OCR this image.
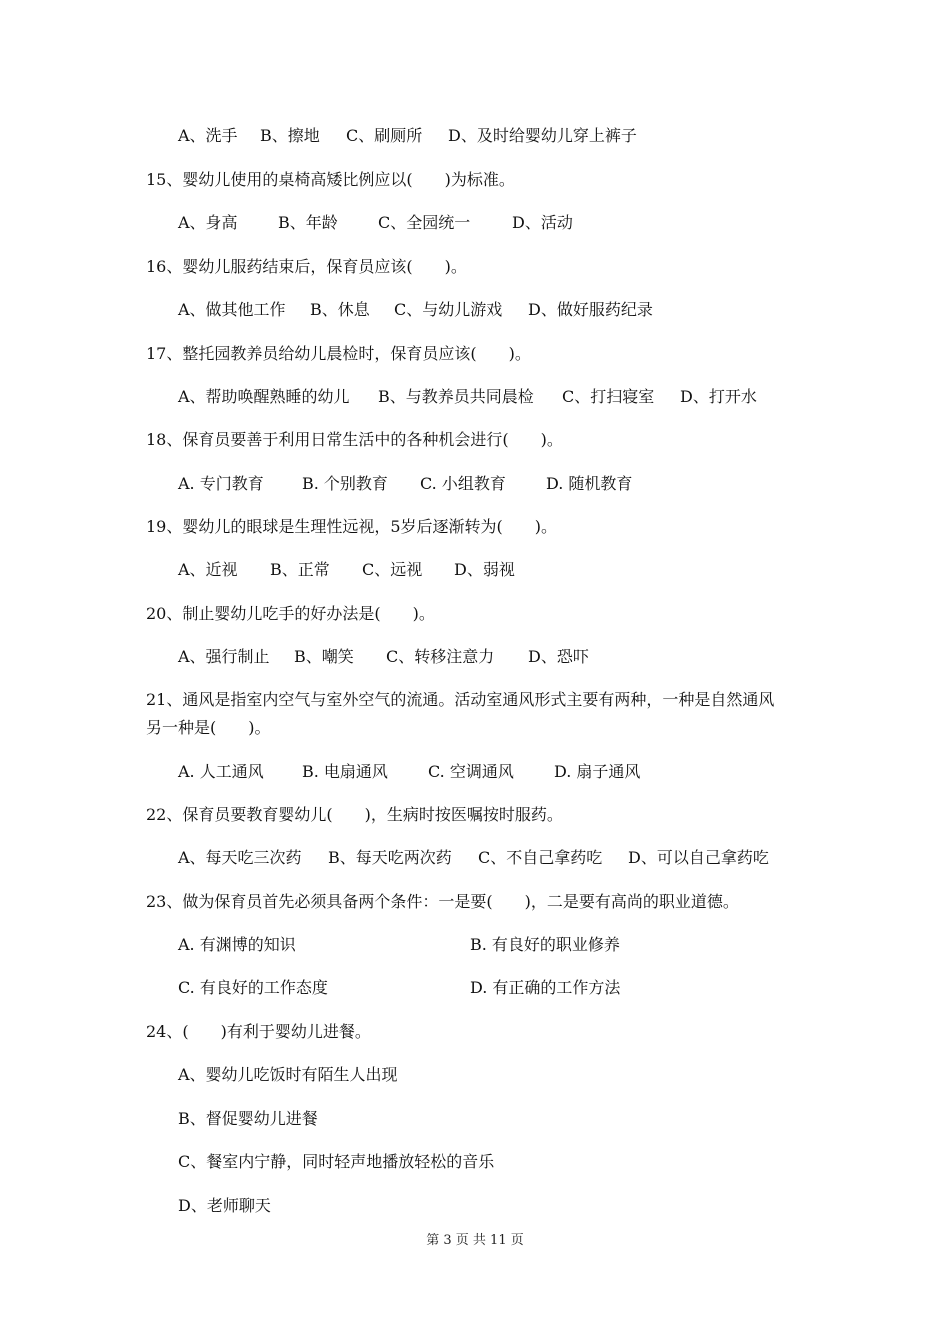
A、洗手 B、擦地 C、刷厕所 D、及时给婴幼儿穿上裤子
15、婴幼儿使用的桌椅高矮比例应以(　　)为标准。
A、身高	B、年龄	C、全园统一	D、活动
16、婴幼儿服药结束后，保育员应该(　　)。
A、做其他工作 B、休息 C、与幼儿游戏 D、做好服药纪录
17、整托园教养员给幼儿晨检时，保育员应该(　　)。
A、帮助唤醒熟睡的幼儿 B、与教养员共同晨检 C、打扫寝室 D、打开水
18、保育员要善于利用日常生活中的各种机会进行(　　)。
A. 专门教育 B. 个别教育 C. 小组教育	D. 随机教育
19、婴幼儿的眼球是生理性远视，5岁后逐渐转为(　　)。
A、近视 B、正常 C、远视 D、弱视
20、制止婴幼儿吃手的好办法是(　　)。
A、强行制止 B、嘲笑 C、转移注意力 D、恐吓
21、通风是指室内空气与室外空气的流通。活动室通风形式主要有两种，一种是自然通风
另一种是(　　)。
A. 人工通风 B. 电扇通风	C. 空调通风	D. 扇子通风
22、保育员要教育婴幼儿(　　)，生病时按医嘱按时服药。
A、每天吃三次药 B、每天吃两次药 C、不自己拿药吃 D、可以自己拿药吃
23、做为保育员首先必须具备两个条件：一是要(　　)，二是要有高尚的职业道德。
A. 有渊博的知识	B. 有良好的职业修养
C. 有良好的工作态度	D. 有正确的工作方法
24、(　　)有利于婴幼儿进餐。
A、婴幼儿吃饭时有陌生人出现
B、督促婴幼儿进餐
C、餐室内宁静，同时轻声地播放轻松的音乐
D、老师聊天
第 3 页 共 11 页
